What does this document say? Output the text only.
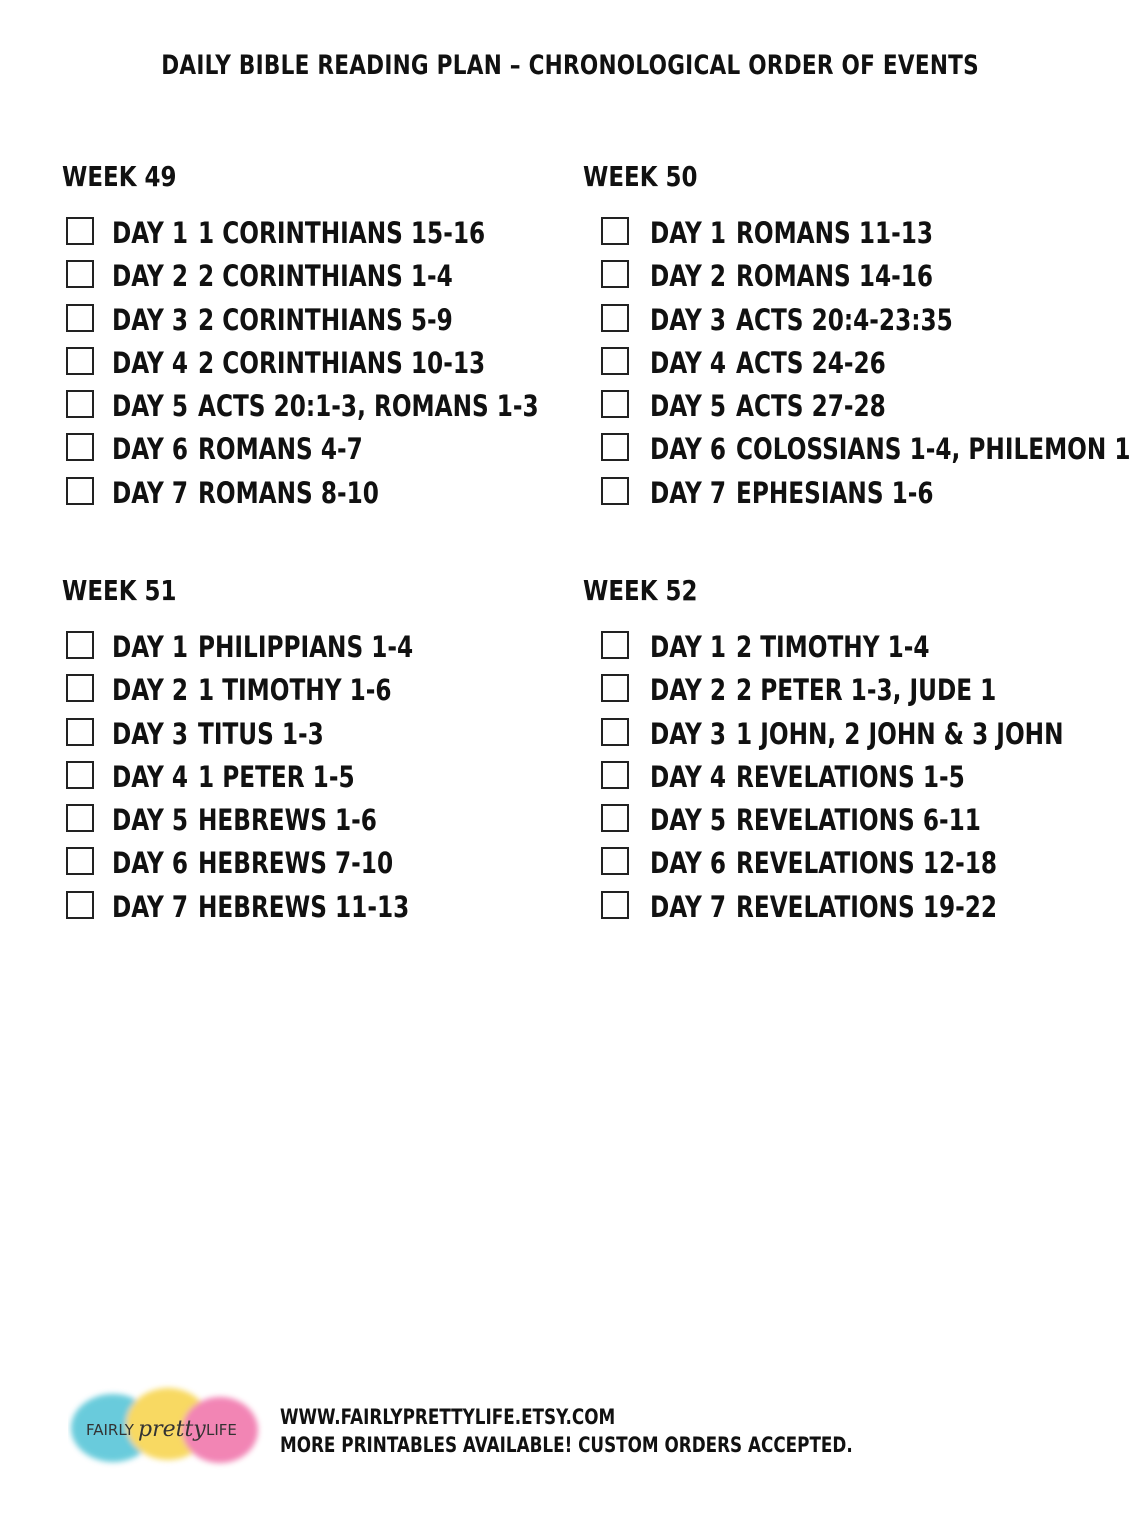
DAILY BIBLE READING PLAN – CHRONOLOGICAL ORDER OF EVENTS
WEEK 49
DAY 1 1 CORINTHIANS 15-16
DAY 2 2 CORINTHIANS 1-4
DAY 3 2 CORINTHIANS 5-9
DAY 4 2 CORINTHIANS 10-13
DAY 5 ACTS 20:1-3, ROMANS 1-3
DAY 6 ROMANS 4-7
DAY 7 ROMANS 8-10
WEEK 50
DAY 1 ROMANS 11-13
DAY 2 ROMANS 14-16
DAY 3 ACTS 20:4-23:35
DAY 4 ACTS 24-26
DAY 5 ACTS 27-28
DAY 6 COLOSSIANS 1-4, PHILEMON 1
DAY 7 EPHESIANS 1-6
WEEK 51
DAY 1 PHILIPPIANS 1-4
DAY 2 1 TIMOTHY 1-6
DAY 3 TITUS 1-3
DAY 4 1 PETER 1-5
DAY 5 HEBREWS 1-6
DAY 6 HEBREWS 7-10
DAY 7 HEBREWS 11-13
WEEK 52
DAY 1 2 TIMOTHY 1-4
DAY 2 2 PETER 1-3, JUDE 1
DAY 3 1 JOHN, 2 JOHN & 3 JOHN
DAY 4 REVELATIONS 1-5
DAY 5 REVELATIONS 6-11
DAY 6 REVELATIONS 12-18
DAY 7 REVELATIONS 19-22
FAIRLY pretty LIFE
WWW.FAIRLYPRETTYLIFE.ETSY.COM
MORE PRINTABLES AVAILABLE! CUSTOM ORDERS ACCEPTED.
